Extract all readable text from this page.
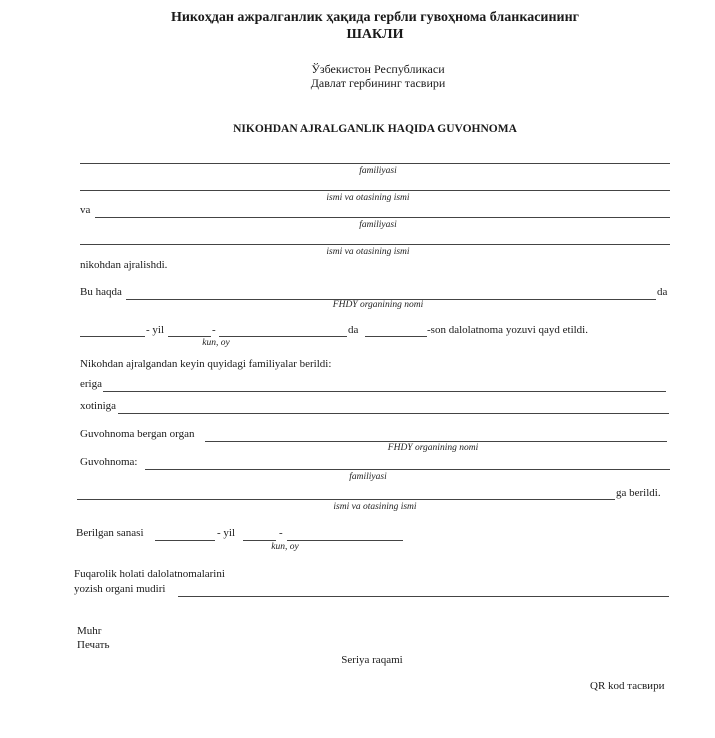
Никоҳдан ажралганлик ҳақида гербли гувоҳнома бланкасининг
ШАКЛИ
Ўзбекистон Республикаси
Давлат гербининг тасвири
NIKOHDAN AJRALGANLIK HAQIDA GUVOHNOMA
familiyasi
ismi va otasining ismi
va
familiyasi
ismi va otasining ismi
nikohdan ajralishdi.
Bu haqda	da
FHDY organining nomi
- yil	-	da	-son dalolatnoma yozuvi qayd etildi.
kun, oy
Nikohdan ajralgandan keyin quyidagi familiyalar berildi:
eriga
xotiniga
Guvohnoma bergan organ
FHDY organining nomi
Guvohnoma:
familiyasi
ga berildi.
ismi va otasining ismi
Berilgan sanasi	- yil	-
kun, oy
Fuqarolik holati dalolatnomalarini
yozish organi mudiri
Muhr
Печать
Seriya raqami
QR kod тасвири
